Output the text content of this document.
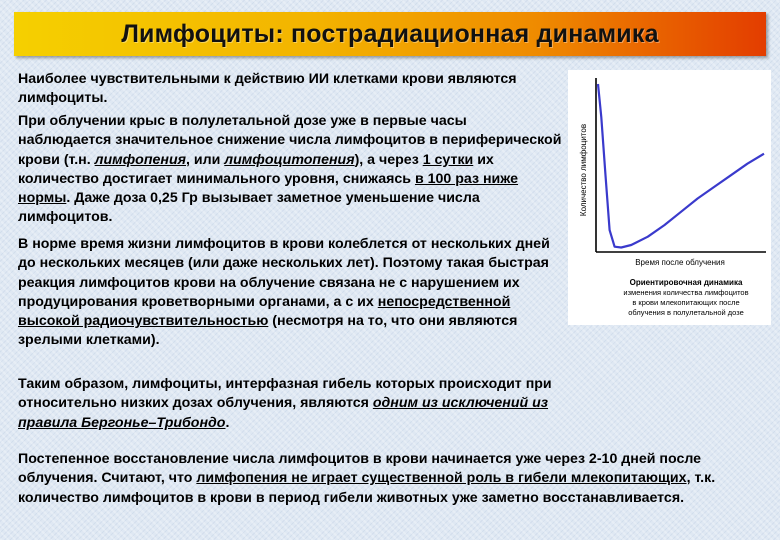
Лимфоциты: пострадиационная динамика
Наиболее чувствительными к действию ИИ клетками крови являются лимфоциты.
При облучении крыс в полулетальной дозе уже в первые часы наблюдается значительное снижение числа лимфоцитов в периферической крови (т.н. лимфопения, или лимфоцитопения), а через 1 сутки их количество достигает минимального уровня, снижаясь в 100 раз ниже нормы. Даже доза 0,25 Гр вызывает заметное уменьшение числа лимфоцитов.
В норме время жизни лимфоцитов в крови колеблется от нескольких дней до нескольких месяцев (или даже нескольких лет). Поэтому такая быстрая реакция лимфоцитов крови на облучение связана не с нарушением их продуцирования кроветворными органами, а с их непосредственной высокой радиочувствительностью (несмотря на то, что они являются зрелыми клетками).
Таким образом, лимфоциты, интерфазная гибель которых происходит при относительно низких дозах облучения, являются одним из исключений из правила Бергонье–Трибондо.
Постепенное восстановление числа лимфоцитов в крови начинается уже через 2‑10 дней после облучения. Считают, что лимфопения не играет существенной роль в гибели млекопитающих, т.к. количество лимфоцитов в крови в период гибели животных уже заметно восстанавливается.
Количество лимфоцитов
Время после облучения
Ориентировочная динамика
изменения количества лимфоцитов
в крови млекопитающих после
облучения в полулетальной дозе
